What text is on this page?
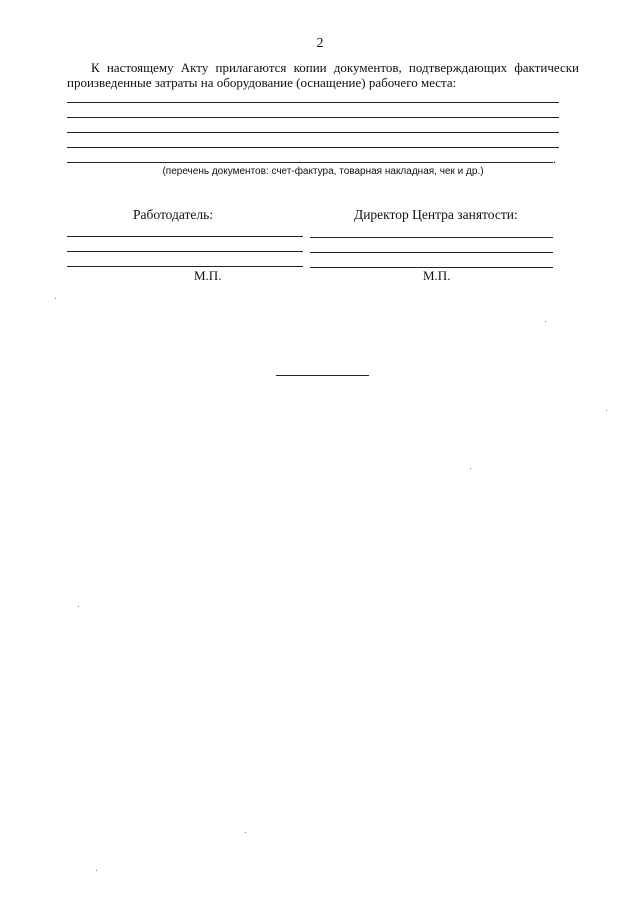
2
К настоящему Акту прилагаются копии документов, подтверждающих фактически произведенные затраты на оборудование (оснащение) рабочего места:
.
(перечень документов: счет-фактура, товарная накладная, чек и др.)
Работодатель:	Директор Центра занятости:
М.П.	М.П.
